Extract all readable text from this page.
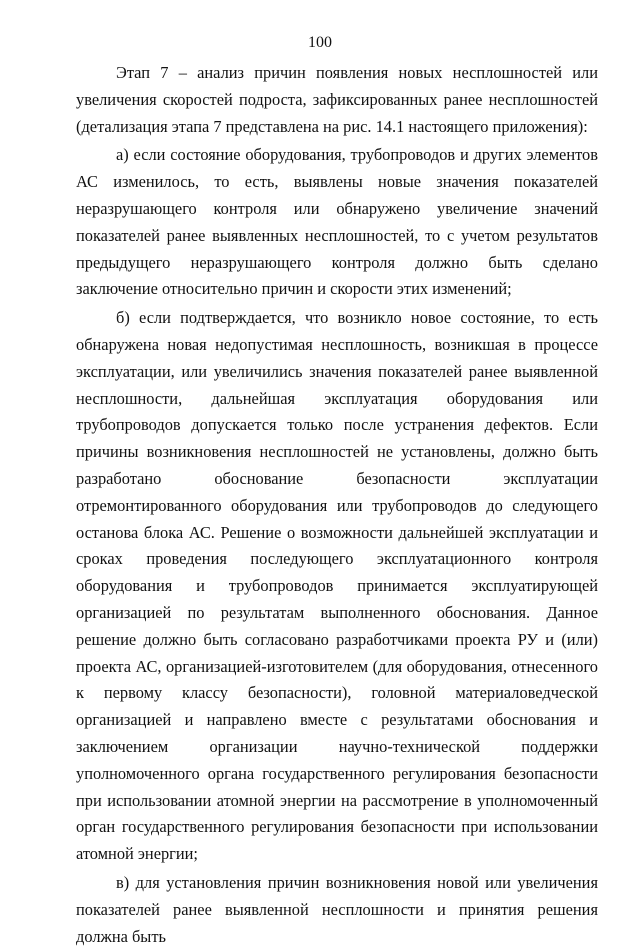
100

Этап 7 – анализ причин появления новых несплошностей или увеличения скоростей подроста, зафиксированных ранее несплошностей (детализация этапа 7 представлена на рис. 14.1 настоящего приложения):

а) если состояние оборудования, трубопроводов и других элементов АС изменилось, то есть, выявлены новые значения показателей неразрушающего контроля или обнаружено увеличение значений показателей ранее выявленных несплошностей, то с учетом результатов предыдущего неразрушающего контроля должно быть сделано заключение относительно причин и скорости этих изменений;

б) если подтверждается, что возникло новое состояние, то есть обнаружена новая недопустимая несплошность, возникшая в процессе эксплуатации, или увеличились значения показателей ранее выявленной несплошности, дальнейшая эксплуатация оборудования или трубопроводов допускается только после устранения дефектов. Если причины возникновения несплошностей не установлены, должно быть разработано обоснование безопасности эксплуатации отремонтированного оборудования или трубопроводов до следующего останова блока АС. Решение о возможности дальнейшей эксплуатации и сроках проведения последующего эксплуатационного контроля оборудования и трубопроводов принимается эксплуатирующей организацией по результатам выполненного обоснования. Данное решение должно быть согласовано разработчиками проекта РУ и (или) проекта АС, организацией-изготовителем (для оборудования, отнесенного к первому классу безопасности), головной материаловедческой организацией и направлено вместе с результатами обоснования и заключением организации научно-технической поддержки уполномоченного органа государственного регулирования безопасности при использовании атомной энергии на рассмотрение в уполномоченный орган государственного регулирования безопасности при использовании атомной энергии;

в) для установления причин возникновения новой или увеличения показателей ранее выявленной несплошности и принятия решения должна быть
